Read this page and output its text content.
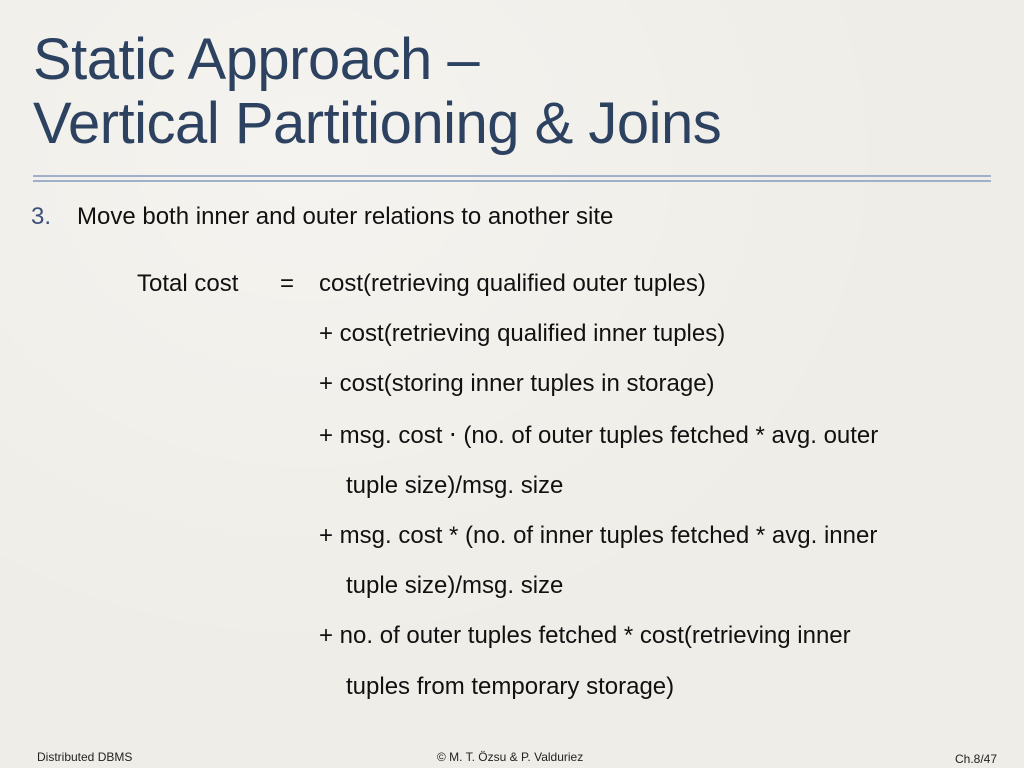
Static Approach –
Vertical Partitioning & Joins
3. Move both inner and outer relations to another site
Total cost = cost(retrieving qualified outer tuples)
+ cost(retrieving qualified inner tuples)
+ cost(storing inner tuples in storage)
+ msg. cost ⋅ (no. of outer tuples fetched * avg. outer
tuple size)/msg. size
+ msg. cost * (no. of inner tuples fetched * avg. inner
tuple size)/msg. size
+ no. of outer tuples fetched * cost(retrieving inner
tuples from temporary storage)
Distributed DBMS	© M. T. Özsu & P. Valduriez	Ch.8/47
